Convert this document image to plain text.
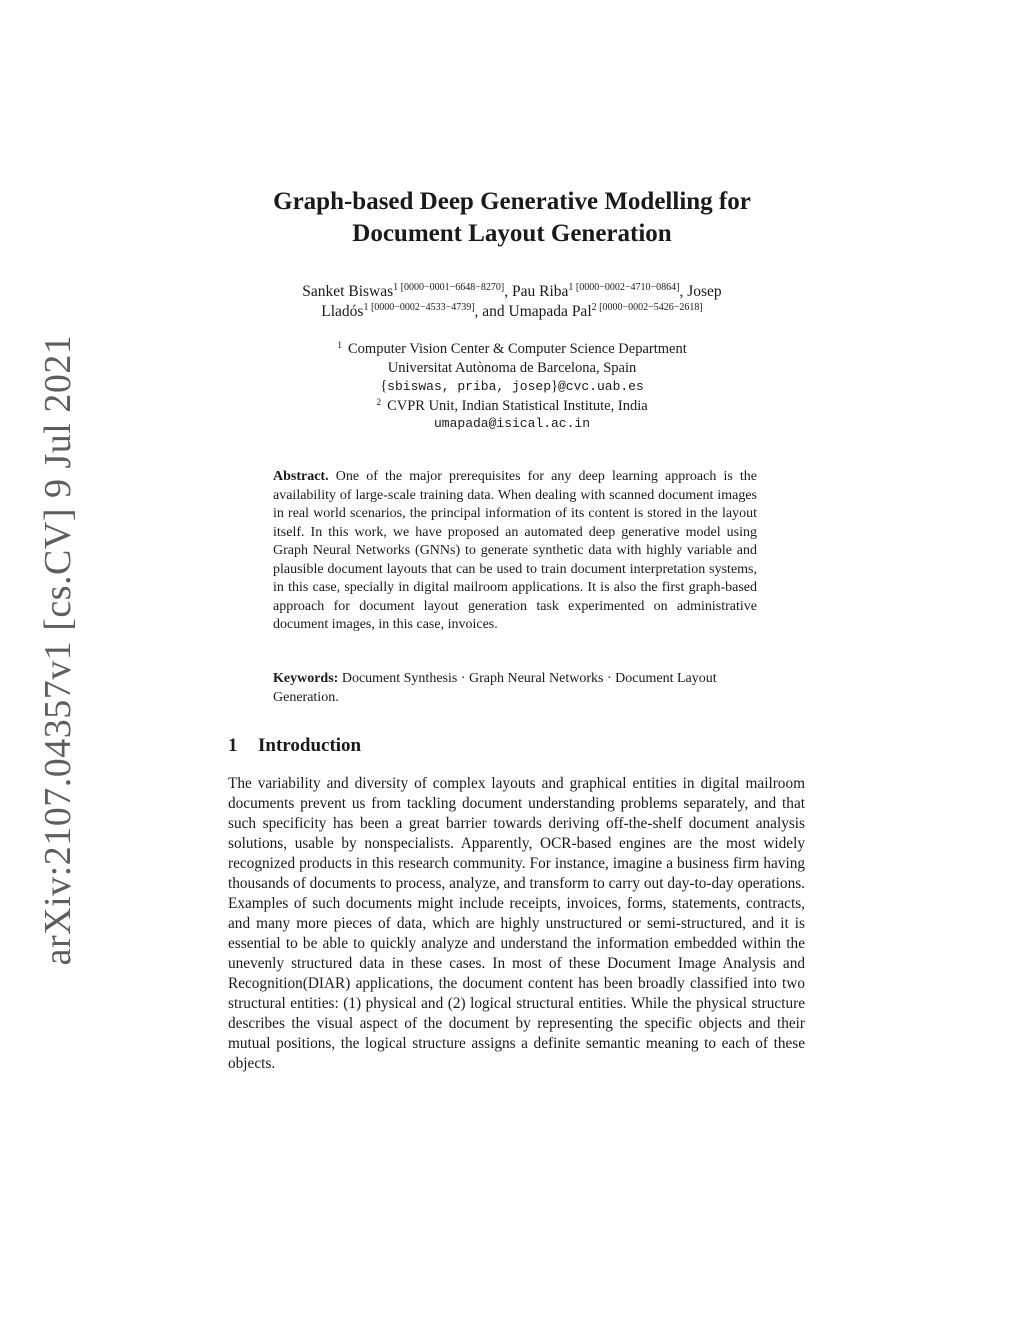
arXiv:2107.04357v1 [cs.CV] 9 Jul 2021
Graph-based Deep Generative Modelling for
Document Layout Generation
Sanket Biswas$^{1 [0000-0001-6648-8270]}$, Pau Riba$^{1 [0000-0002-4710-0864]}$, Josep
Lladós$^{1 [0000-0002-4533-4739]}$, and Umapada Pal$^{2 [0000-0002-5426-2618]}$
$^1$ Computer Vision Center & Computer Science Department
Universitat Autònoma de Barcelona, Spain
{sbiswas, priba, josep}@cvc.uab.es
$^2$ CVPR Unit, Indian Statistical Institute, India
umapada@isical.ac.in
Abstract. One of the major prerequisites for any deep learning approach is the availability of large-scale training data. When dealing with scanned document images in real world scenarios, the principal information of its content is stored in the layout itself. In this work, we have proposed an automated deep generative model using Graph Neural Networks (GNNs) to generate synthetic data with highly variable and plausible document layouts that can be used to train document interpretation systems, in this case, specially in digital mailroom applications. It is also the first graph-based approach for document layout generation task experimented on administrative document images, in this case, invoices.
Keywords: Document Synthesis · Graph Neural Networks · Document Layout Generation.
1 Introduction
The variability and diversity of complex layouts and graphical entities in digital mailroom documents prevent us from tackling document understanding problems separately, and that such specificity has been a great barrier towards deriving off-the-shelf document analysis solutions, usable by nonspecialists. Apparently, OCR-based engines are the most widely recognized products in this research community. For instance, imagine a business firm having thousands of documents to process, analyze, and transform to carry out day-to-day operations. Examples of such documents might include receipts, invoices, forms, statements, contracts, and many more pieces of data, which are highly unstructured or semi-structured, and it is essential to be able to quickly analyze and understand the information embedded within the unevenly structured data in these cases. In most of these Document Image Analysis and Recognition(DIAR) applications, the document content has been broadly classified into two structural entities: (1) physical and (2) logical structural entities. While the physical structure describes the visual aspect of the document by representing the specific objects and their mutual positions, the logical structure assigns a definite semantic meaning to each of these objects.
